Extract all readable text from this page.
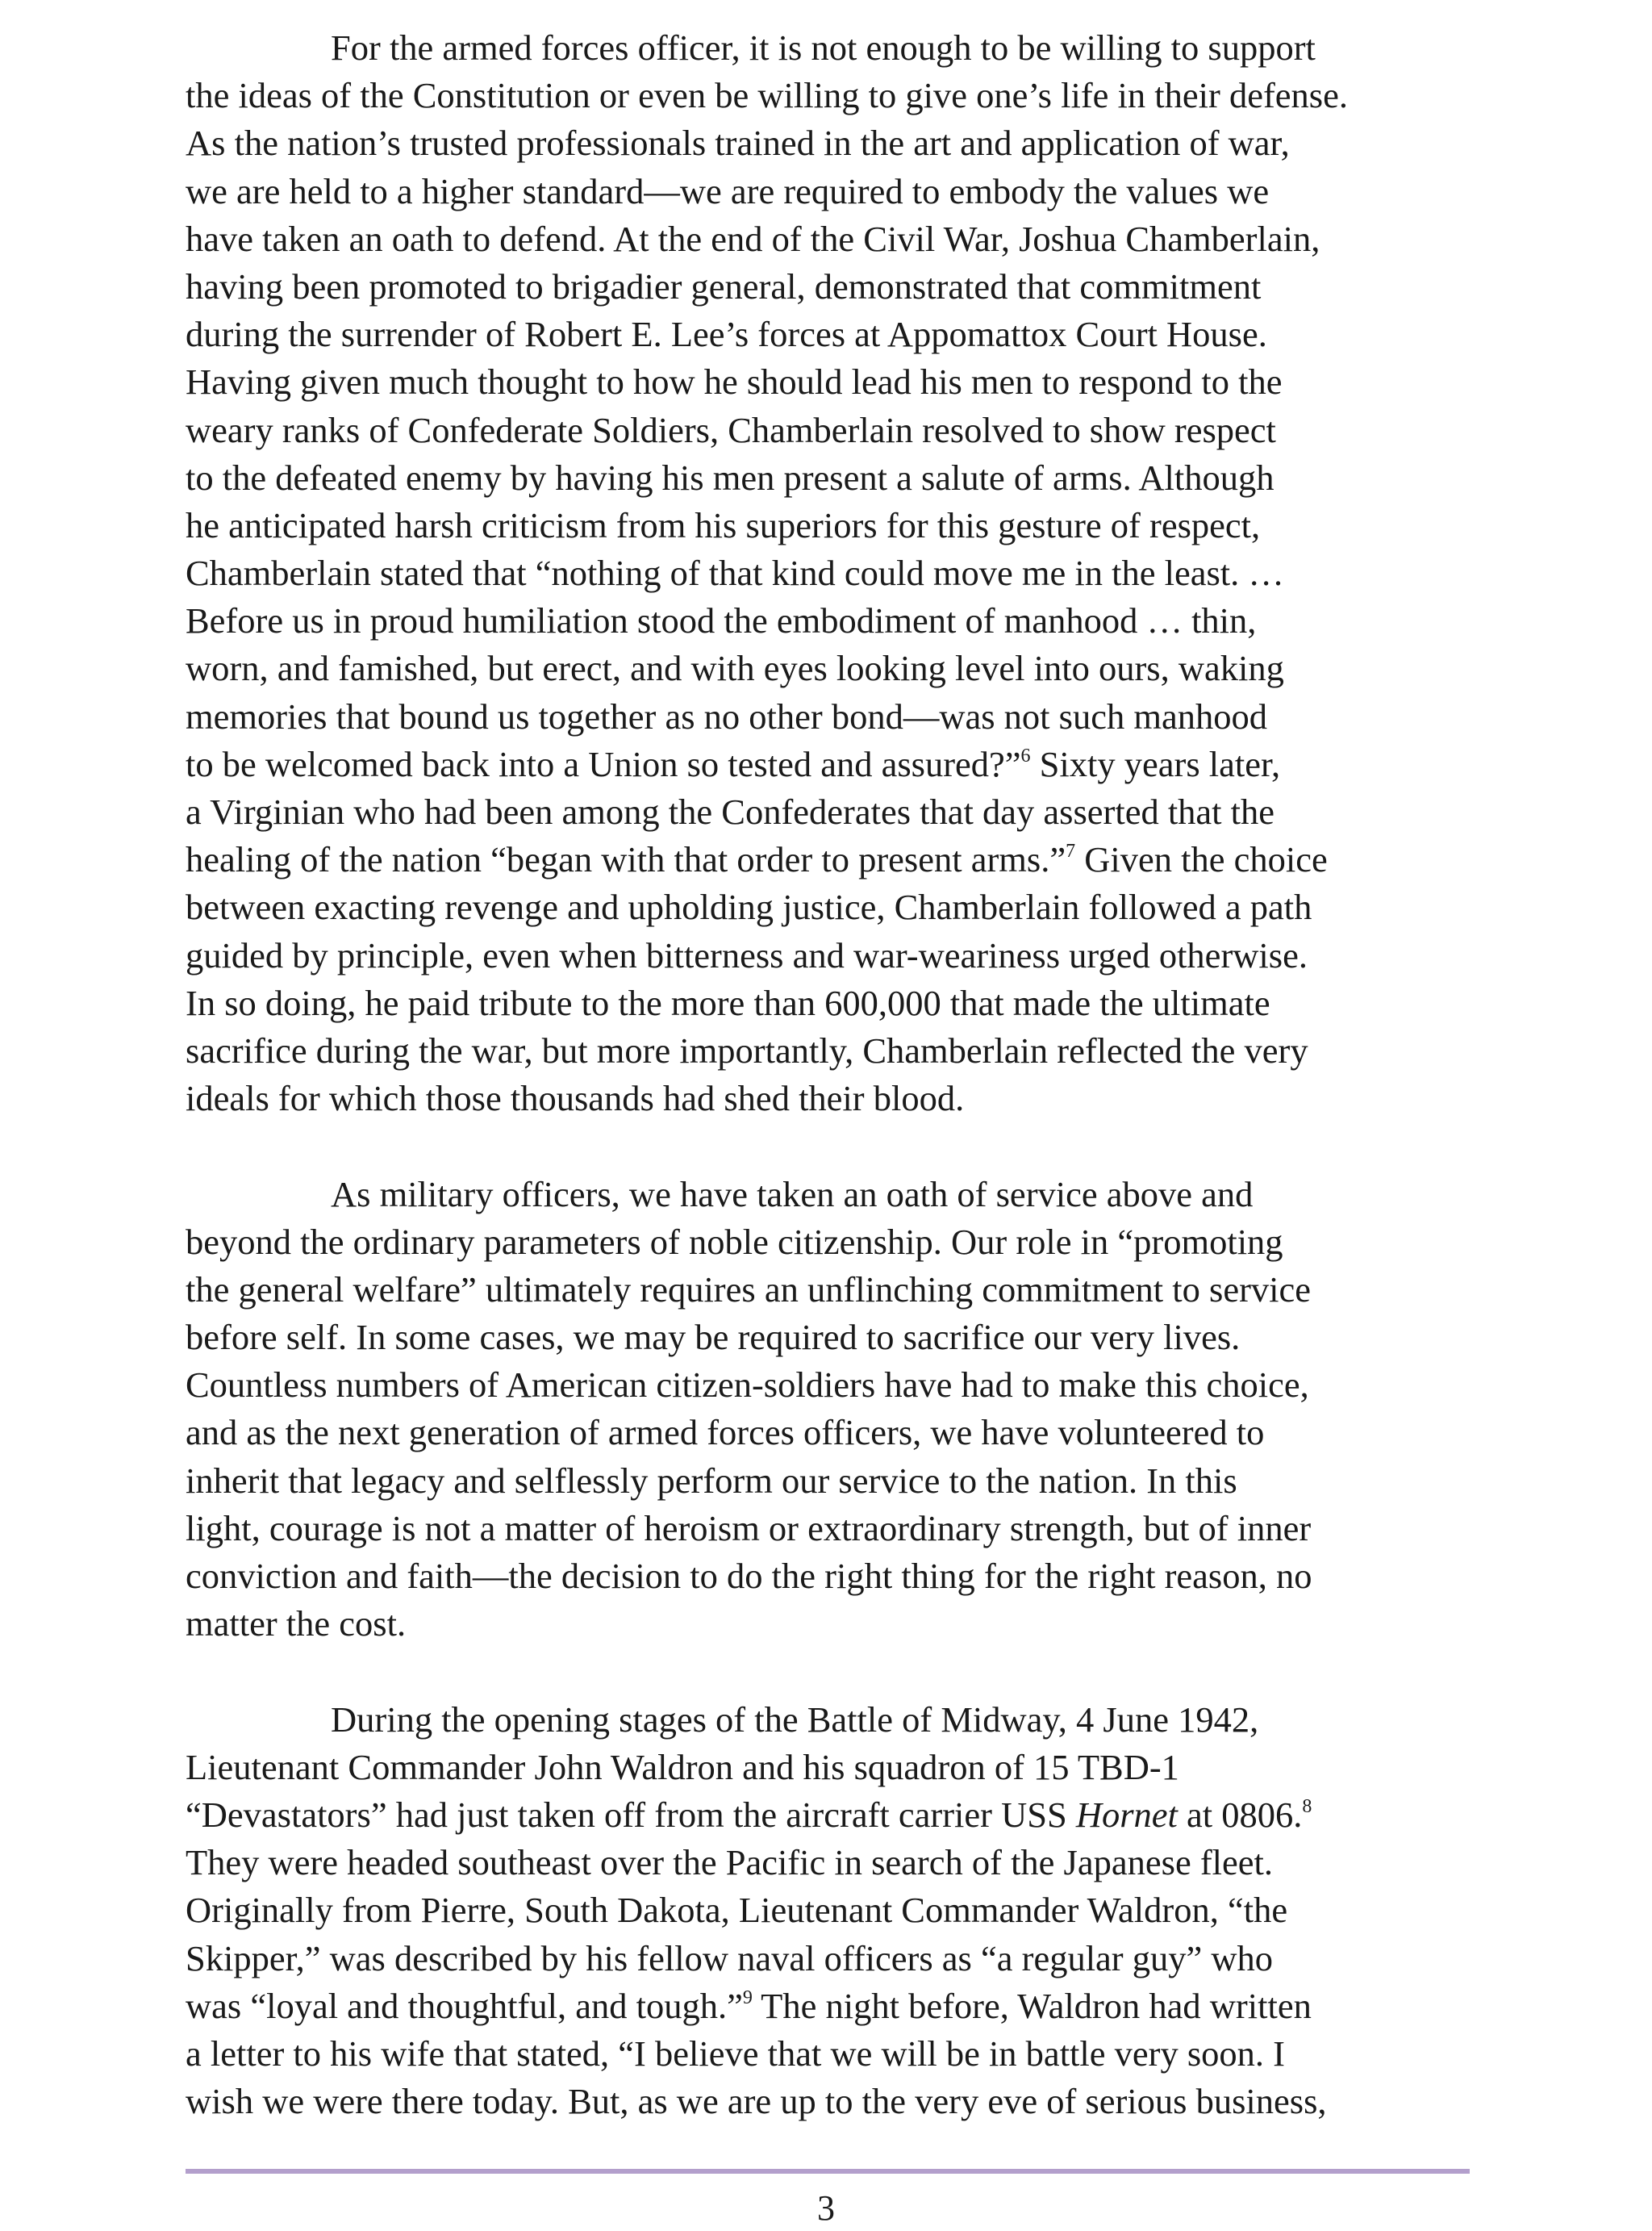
For the armed forces officer, it is not enough to be willing to support
the ideas of the Constitution or even be willing to give one’s life in their defense.
As the nation’s trusted professionals trained in the art and application of war,
we are held to a higher standard—we are required to embody the values we
have taken an oath to defend. At the end of the Civil War, Joshua Chamberlain,
having been promoted to brigadier general, demonstrated that commitment
during the surrender of Robert E. Lee’s forces at Appomattox Court House.
Having given much thought to how he should lead his men to respond to the
weary ranks of Confederate Soldiers, Chamberlain resolved to show respect
to the defeated enemy by having his men present a salute of arms. Although
he anticipated harsh criticism from his superiors for this gesture of respect,
Chamberlain stated that “nothing of that kind could move me in the least. …
Before us in proud humiliation stood the embodiment of manhood … thin,
worn, and famished, but erect, and with eyes looking level into ours, waking
memories that bound us together as no other bond—was not such manhood
to be welcomed back into a Union so tested and assured?”$^6$ Sixty years later,
a Virginian who had been among the Confederates that day asserted that the
healing of the nation “began with that order to present arms.”$^7$ Given the choice
between exacting revenge and upholding justice, Chamberlain followed a path
guided by principle, even when bitterness and war-weariness urged otherwise.
In so doing, he paid tribute to the more than 600,000 that made the ultimate
sacrifice during the war, but more importantly, Chamberlain reflected the very
ideals for which those thousands had shed their blood.

As military officers, we have taken an oath of service above and
beyond the ordinary parameters of noble citizenship. Our role in “promoting
the general welfare” ultimately requires an unflinching commitment to service
before self. In some cases, we may be required to sacrifice our very lives.
Countless numbers of American citizen-soldiers have had to make this choice,
and as the next generation of armed forces officers, we have volunteered to
inherit that legacy and selflessly perform our service to the nation. In this
light, courage is not a matter of heroism or extraordinary strength, but of inner
conviction and faith—the decision to do the right thing for the right reason, no
matter the cost.

During the opening stages of the Battle of Midway, 4 June 1942,
Lieutenant Commander John Waldron and his squadron of 15 TBD-1
“Devastators” had just taken off from the aircraft carrier USS Hornet at 0806.$^8$
They were headed southeast over the Pacific in search of the Japanese fleet.
Originally from Pierre, South Dakota, Lieutenant Commander Waldron, “the
Skipper,” was described by his fellow naval officers as “a regular guy” who
was “loyal and thoughtful, and tough.”$^9$ The night before, Waldron had written
a letter to his wife that stated, “I believe that we will be in battle very soon. I
wish we were there today. But, as we are up to the very eve of serious business,

3
